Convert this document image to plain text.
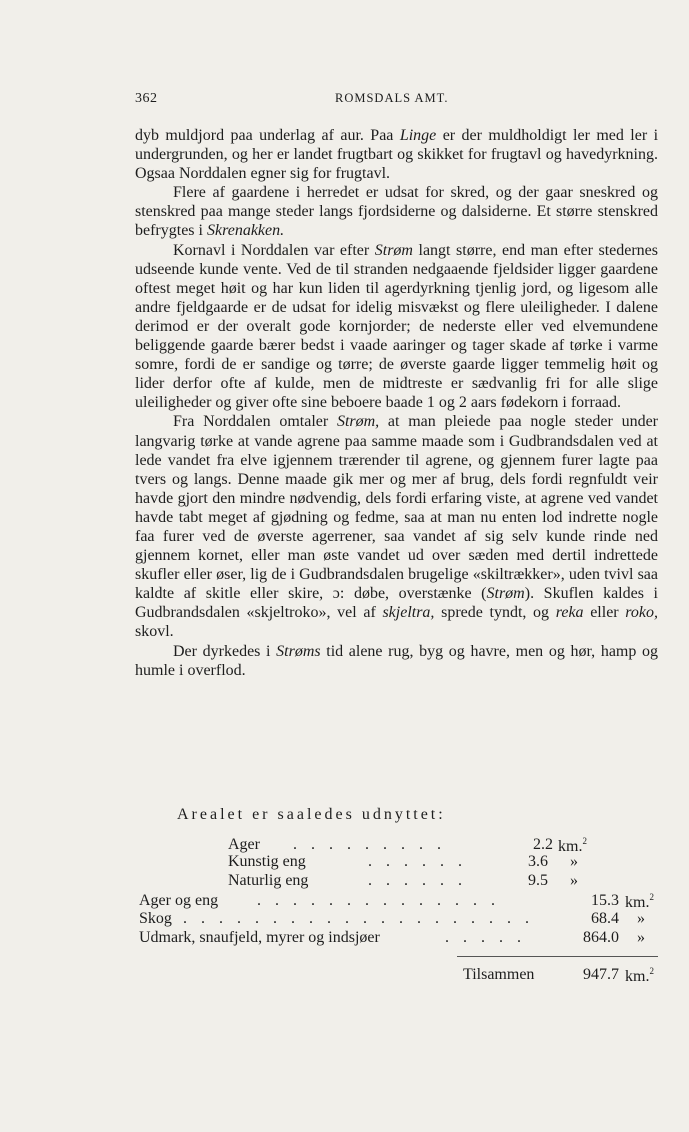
362	ROMSDALS AMT.

dyb muldjord paa underlag af aur. Paa Linge er der muldholdigt ler med ler i undergrunden, og her er landet frugtbart og skikket for frugtavl og havedyrkning. Ogsaa Norddalen egner sig for frugtavl.

Flere af gaardene i herredet er udsat for skred, og der gaar sneskred og stenskred paa mange steder langs fjordsiderne og dalsiderne. Et større stenskred befrygtes i Skrenakken.

Kornavl i Norddalen var efter Strøm langt større, end man efter stedernes udseende kunde vente. Ved de til stranden nedgaaende fjeldsider ligger gaardene oftest meget høit og har kun liden til agerdyrkning tjenlig jord, og ligesom alle andre fjeldgaarde er de udsat for idelig misvækst og flere uleiligheder. I dalene derimod er der overalt gode kornjorder; de nederste eller ved elvemundene beliggende gaarde bærer bedst i vaade aaringer og tager skade af tørke i varme somre, fordi de er sandige og tørre; de øverste gaarde ligger temmelig høit og lider derfor ofte af kulde, men de midtreste er sædvanlig fri for alle slige uleiligheder og giver ofte sine beboere baade 1 og 2 aars fødekorn i forraad.

Fra Norddalen omtaler Strøm, at man pleiede paa nogle steder under langvarig tørke at vande agrene paa samme maade som i Gudbrandsdalen ved at lede vandet fra elve igjennem trærender til agrene, og gjennem furer lagte paa tvers og langs. Denne maade gik mer og mer af brug, dels fordi regnfuldt veir havde gjort den mindre nødvendig, dels fordi erfaring viste, at agrene ved vandet havde tabt meget af gjødning og fedme, saa at man nu enten lod indrette nogle faa furer ved de øverste agerrener, saa vandet af sig selv kunde rinde ned gjennem kornet, eller man øste vandet ud over sæden med dertil indrettede skufler eller øser, lig de i Gudbrandsdalen brugelige «skiltrækker», uden tvivl saa kaldte af skitle eller skire, ɔ: døbe, overstænke (Strøm). Skuflen kaldes i Gudbrandsdalen «skjeltroko», vel af skjeltra, sprede tyndt, og reka eller roko, skovl.

Der dyrkedes i Strøms tid alene rug, byg og havre, men og hør, hamp og humle i overflod.

Arealet er saaledes udnyttet:
Ager . . . . . . . . .	2.2 km.$^2$
Kunstig eng	. . . . . .	3.6 »
Naturlig eng	. . . . . .	9.5 »
Ager og eng . . . . . . . . . . . . . .	15.3 km.$^2$
Skog . . . . . . . . . . . . . . . . . . . .	68.4 »
Udmark, snaufjeld, myrer og indsjøer	. . . . .	864.0 »
Tilsammen	947.7 km.$^2$
